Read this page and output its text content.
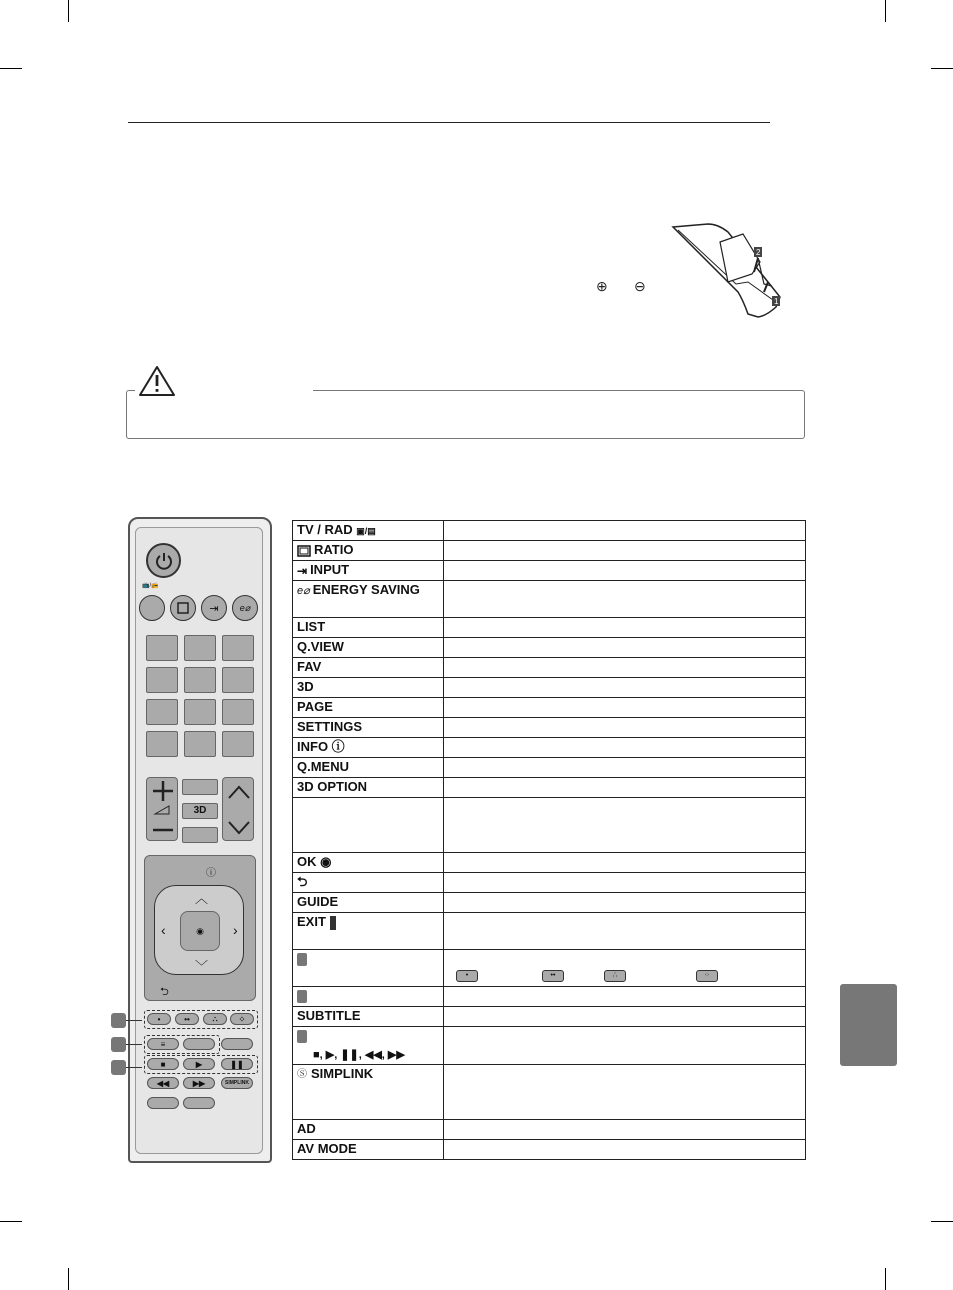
⊕ ⊖
2
1
📺/📻
⇥ e⌀
3D
ⓘ
◉
︿
﹀
‹	›
⮌
•	••	∴	⁘
≡
■	▶	❚❚
◀◀	▶▶	SIMPLINK
TV / RAD ▣/▤	
RATIO	
⇥ INPUT	
e⌀ ENERGY SAVING	
LIST	
Q.VIEW	
FAV	
3D	
PAGE	
SETTINGS	
INFO ⓘ	
Q.MENU	
3D OPTION	

OK ◉	
⮌	
GUIDE	
EXIT	

	• •• ∴ ⁘

SUBTITLE	

■, ▶, ❚❚, ◀◀, ▶▶	
Ⓢ SIMPLINK	
AD	
AV MODE	
